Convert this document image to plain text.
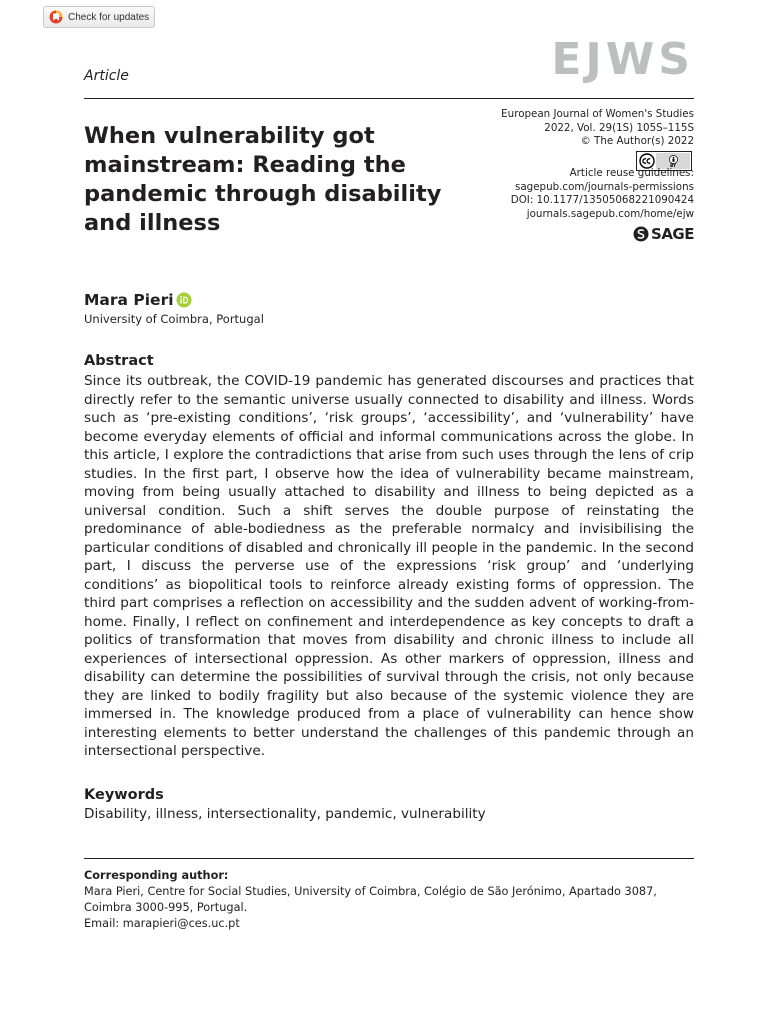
Check for updates
Article	EJWS
When vulnerability got mainstream: Reading the pandemic through disability and illness
European Journal of Women's Studies
2022, Vol. 29(1S) 105S–115S
© The Author(s) 2022
BY
Article reuse guidelines:
sagepub.com/journals-permissions
DOI: 10.1177/13505068221090424
journals.sagepub.com/home/ejw
SAGE
Mara Pieri
University of Coimbra, Portugal
Abstract

Since its outbreak, the COVID-19 pandemic has generated discourses and practices that directly refer to the semantic universe usually connected to disability and illness. Words such as ‘pre-existing conditions’, ‘risk groups’, ‘accessibility’, and ‘vulnerability’ have become everyday elements of official and informal communications across the globe. In this article, I explore the contradictions that arise from such uses through the lens of crip studies. In the first part, I observe how the idea of vulnerability became mainstream, moving from being usually attached to disability and illness to being depicted as a universal condition. Such a shift serves the double purpose of reinstating the predominance of able-bodiedness as the preferable normalcy and invisibilising the particular conditions of disabled and chronically ill people in the pandemic. In the second part, I discuss the perverse use of the expressions ‘risk group’ and ‘underlying conditions’ as biopolitical tools to reinforce already existing forms of oppression. The third part comprises a reflection on accessibility and the sudden advent of working-from-home. Finally, I reflect on confinement and interdependence as key concepts to draft a politics of transformation that moves from disability and chronic illness to include all experiences of intersectional oppression. As other markers of oppression, illness and disability can determine the possibilities of survival through the crisis, not only because they are linked to bodily fragility but also because of the systemic violence they are immersed in. The knowledge produced from a place of vulnerability can hence show interesting elements to better understand the challenges of this pandemic through an intersectional perspective.

Keywords
Disability, illness, intersectionality, pandemic, vulnerability
Corresponding author:

Mara Pieri, Centre for Social Studies, University of Coimbra, Colégio de São Jerónimo, Apartado 3087,
Coimbra 3000-995, Portugal.
Email: marapieri@ces.uc.pt
